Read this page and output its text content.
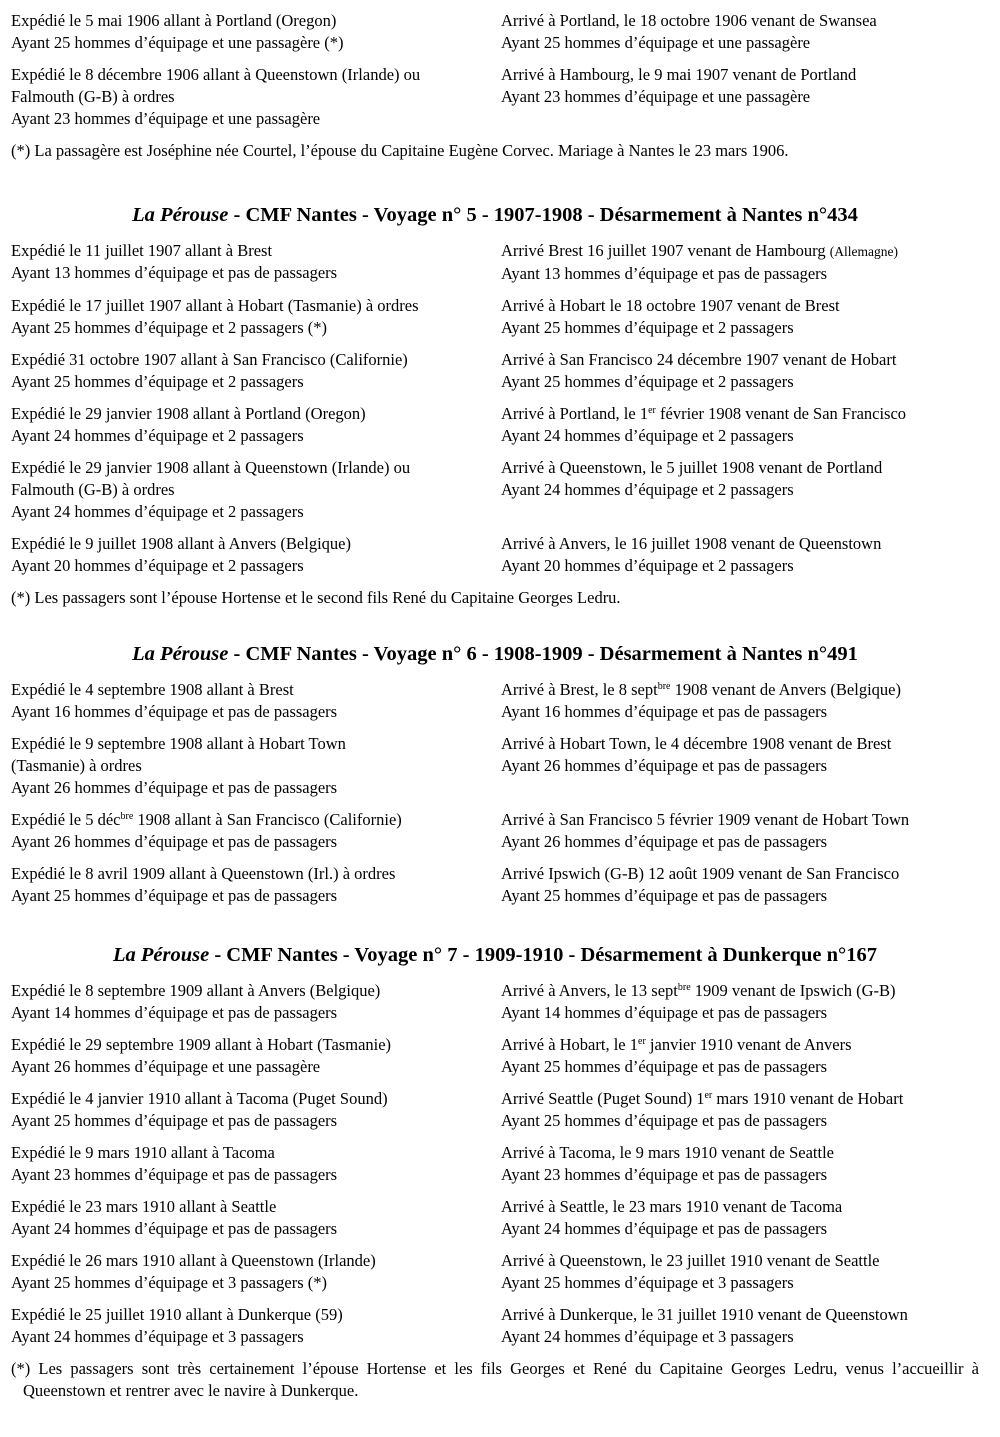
Expédié le 5 mai 1906 allant à Portland (Oregon)
Ayant 25 hommes d’équipage et une passagère (*)
Arrivé à Portland, le 18 octobre 1906 venant de Swansea
Ayant 25 hommes d’équipage et une passagère
Expédié le 8 décembre 1906 allant à Queenstown (Irlande) ou
Falmouth (G-B) à ordres
Ayant 23 hommes d’équipage et une passagère
Arrivé à Hambourg, le 9 mai 1907 venant de Portland
Ayant 23 hommes d’équipage et une passagère
(*) La passagère est Joséphine née Courtel, l’épouse du Capitaine Eugène Corvec. Mariage à Nantes le 23 mars 1906.
La Pérouse - CMF Nantes - Voyage n° 5 - 1907-1908 - Désarmement à Nantes n°434
Expédié le 11 juillet 1907 allant à Brest
Ayant 13 hommes d’équipage et pas de passagers
Arrivé Brest 16 juillet 1907 venant de Hambourg (Allemagne)
Ayant 13 hommes d’équipage et pas de passagers
Expédié le 17 juillet 1907 allant à Hobart (Tasmanie) à ordres
Ayant 25 hommes d’équipage et 2 passagers (*)
Arrivé à Hobart le 18 octobre 1907 venant de Brest
Ayant 25 hommes d’équipage et 2 passagers
Expédié 31 octobre 1907 allant à San Francisco (Californie)
Ayant 25 hommes d’équipage et 2 passagers
Arrivé à San Francisco 24 décembre 1907 venant de Hobart
Ayant 25 hommes d’équipage et 2 passagers
Expédié le 29 janvier 1908 allant à Portland (Oregon)
Ayant 24 hommes d’équipage et 2 passagers
Arrivé à Portland, le 1er février 1908 venant de San Francisco
Ayant 24 hommes d’équipage et 2 passagers
Expédié le 29 janvier 1908 allant à Queenstown (Irlande) ou
Falmouth (G-B) à ordres
Ayant 24 hommes d’équipage et 2 passagers
Arrivé à Queenstown, le 5 juillet 1908 venant de Portland
Ayant 24 hommes d’équipage et 2 passagers
Expédié le 9 juillet 1908 allant à Anvers (Belgique)
Ayant 20 hommes d’équipage et 2 passagers
Arrivé à Anvers, le 16 juillet 1908 venant de Queenstown
Ayant 20 hommes d’équipage et 2 passagers
(*) Les passagers sont l’épouse Hortense et le second fils René du Capitaine Georges Ledru.
La Pérouse - CMF Nantes - Voyage n° 6 - 1908-1909 - Désarmement à Nantes n°491
Expédié le 4 septembre 1908 allant à Brest
Ayant 16 hommes d’équipage et pas de passagers
Arrivé à Brest, le 8 sept$^{bre}$ 1908 venant de Anvers (Belgique)
Ayant 16 hommes d’équipage et pas de passagers
Expédié le 9 septembre 1908 allant à Hobart Town
(Tasmanie) à ordres
Ayant 26 hommes d’équipage et pas de passagers
Arrivé à Hobart Town, le 4 décembre 1908 venant de Brest
Ayant 26 hommes d’équipage et pas de passagers
Expédié le 5 déc$^{bre}$ 1908 allant à San Francisco (Californie)
Ayant 26 hommes d’équipage et pas de passagers
Arrivé à San Francisco 5 février 1909 venant de Hobart Town
Ayant 26 hommes d’équipage et pas de passagers
Expédié le 8 avril 1909 allant à Queenstown (Irl.) à ordres
Ayant 25 hommes d’équipage et pas de passagers
Arrivé Ipswich (G-B) 12 août 1909 venant de San Francisco
Ayant 25 hommes d’équipage et pas de passagers
La Pérouse - CMF Nantes - Voyage n° 7 - 1909-1910 - Désarmement à Dunkerque n°167
Expédié le 8 septembre 1909 allant à Anvers (Belgique)
Ayant 14 hommes d’équipage et pas de passagers
Arrivé à Anvers, le 13 sept$^{bre}$ 1909 venant de Ipswich (G-B)
Ayant 14 hommes d’équipage et pas de passagers
Expédié le 29 septembre 1909 allant à Hobart (Tasmanie)
Ayant 26 hommes d’équipage et une passagère
Arrivé à Hobart, le 1er janvier 1910 venant de Anvers
Ayant 25 hommes d’équipage et pas de passagers
Expédié le 4 janvier 1910 allant à Tacoma (Puget Sound)
Ayant 25 hommes d’équipage et pas de passagers
Arrivé Seattle (Puget Sound) 1er mars 1910 venant de Hobart
Ayant 25 hommes d’équipage et pas de passagers
Expédié le 9 mars 1910 allant à Tacoma
Ayant 23 hommes d’équipage et pas de passagers
Arrivé à Tacoma, le 9 mars 1910 venant de Seattle
Ayant 23 hommes d’équipage et pas de passagers
Expédié le 23 mars 1910 allant à Seattle
Ayant 24 hommes d’équipage et pas de passagers
Arrivé à Seattle, le 23 mars 1910 venant de Tacoma
Ayant 24 hommes d’équipage et pas de passagers
Expédié le 26 mars 1910 allant à Queenstown (Irlande)
Ayant 25 hommes d’équipage et 3 passagers (*)
Arrivé à Queenstown, le 23 juillet 1910 venant de Seattle
Ayant 25 hommes d’équipage et 3 passagers
Expédié le 25 juillet 1910 allant à Dunkerque (59)
Ayant 24 hommes d’équipage et 3 passagers
Arrivé à Dunkerque, le 31 juillet 1910 venant de Queenstown
Ayant 24 hommes d’équipage et 3 passagers
(*) Les passagers sont très certainement l’épouse Hortense et les fils Georges et René du Capitaine Georges Ledru, venus l’accueillir à Queenstown et rentrer avec le navire à Dunkerque.
